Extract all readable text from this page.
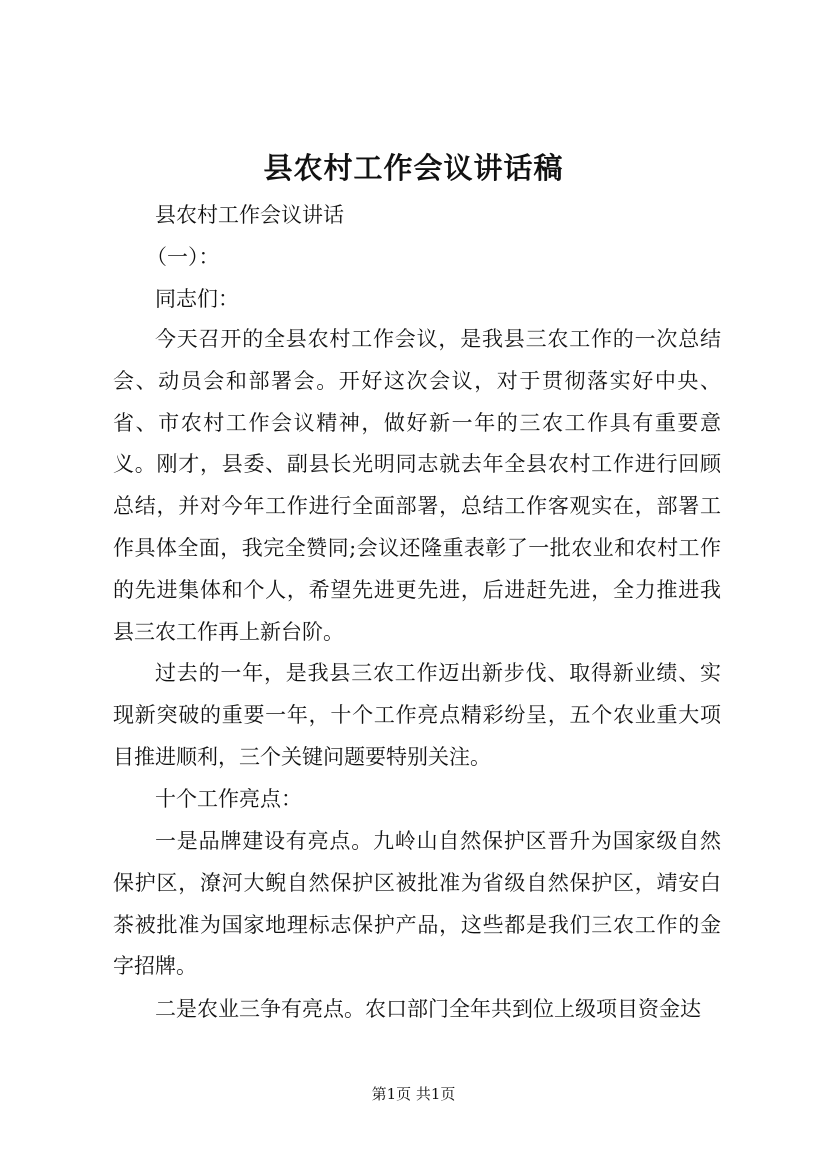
县农村工作会议讲话稿
县农村工作会议讲话
（一）：
同志们：

今天召开的全县农村工作会议，是我县三农工作的一次总结会、动员会和部署会。开好这次会议，对于贯彻落实好中央、省、市农村工作会议精神，做好新一年的三农工作具有重要意义。刚才，县委、副县长光明同志就去年全县农村工作进行回顾总结，并对今年工作进行全面部署，总结工作客观实在，部署工作具体全面，我完全赞同;会议还隆重表彰了一批农业和农村工作的先进集体和个人，希望先进更先进，后进赶先进，全力推进我县三农工作再上新台阶。

过去的一年，是我县三农工作迈出新步伐、取得新业绩、实现新突破的重要一年，十个工作亮点精彩纷呈，五个农业重大项目推进顺利，三个关键问题要特别关注。

十个工作亮点：

一是品牌建设有亮点。九岭山自然保护区晋升为国家级自然保护区，潦河大鲵自然保护区被批准为省级自然保护区，靖安白茶被批准为国家地理标志保护产品，这些都是我们三农工作的金字招牌。

二是农业三争有亮点。农口部门全年共到位上级项目资金达

第1页 共1页
